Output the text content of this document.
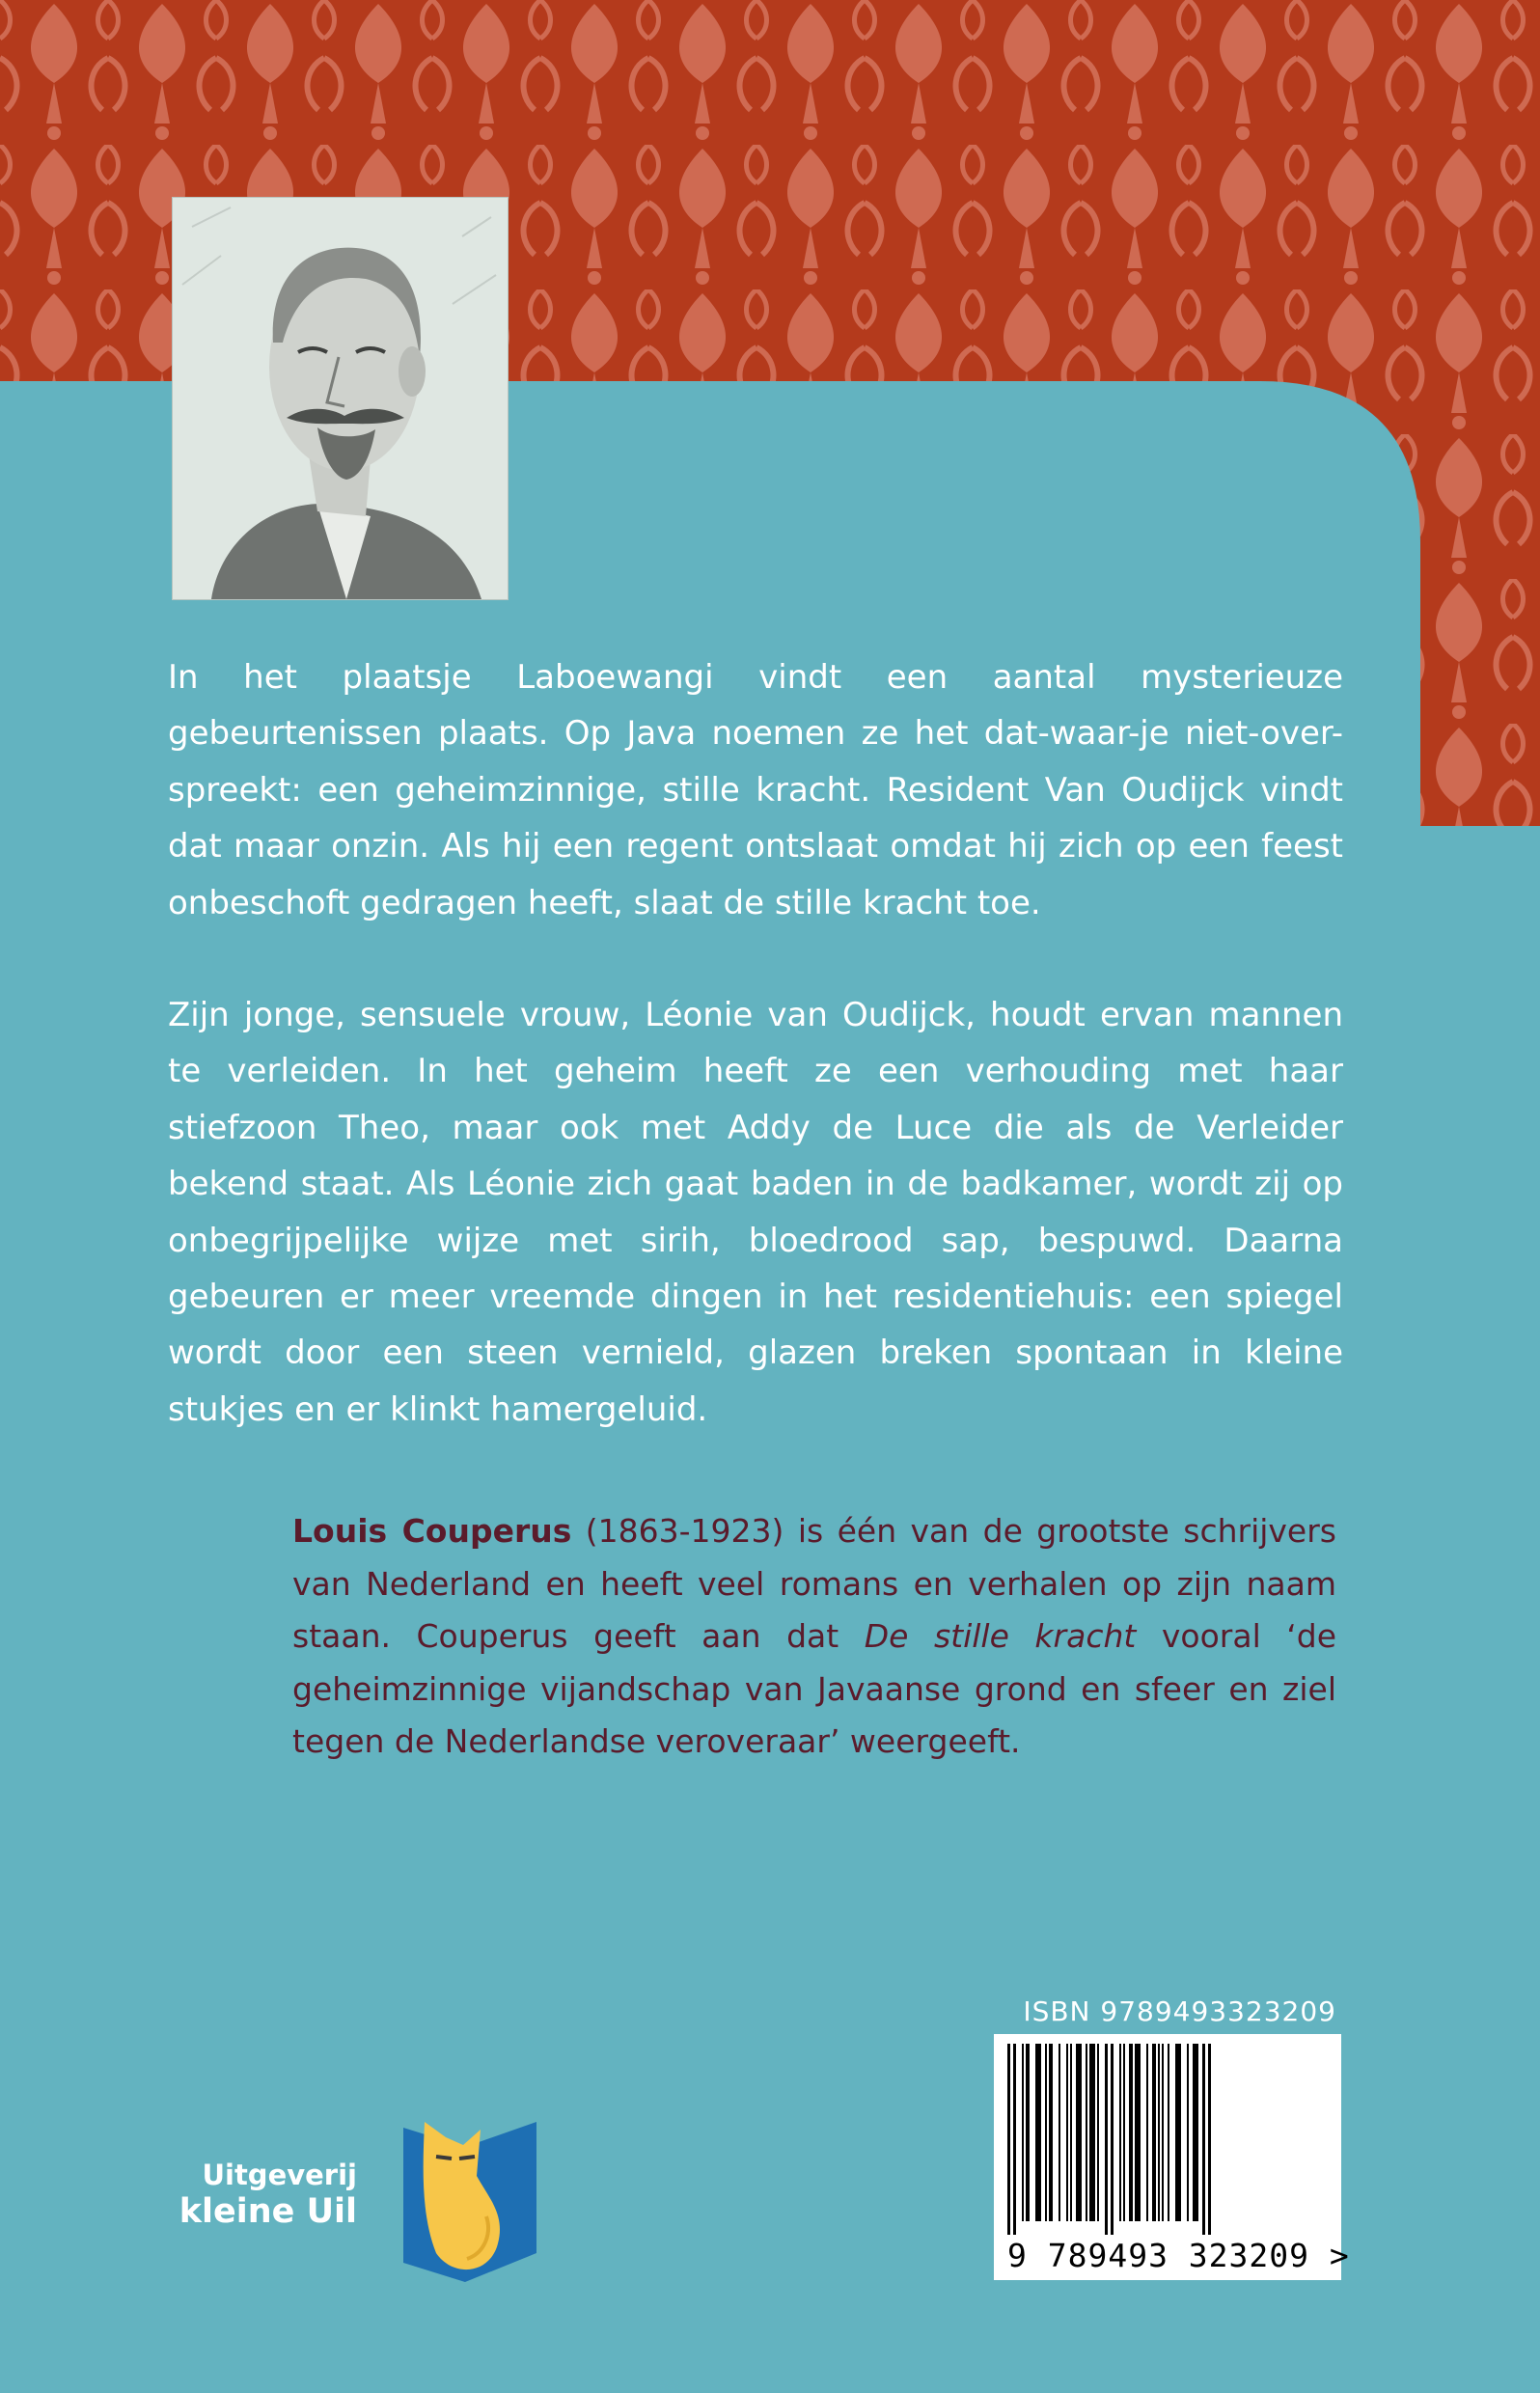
In het plaatsje Laboewangi vindt een aantal mysterieuze gebeurtenissen plaats. Op Java noemen ze het dat-waar-je niet-over-spreekt: een geheimzinnige, stille kracht. Resident Van Oudijck vindt dat maar onzin. Als hij een regent ontslaat omdat hij zich op een feest onbeschoft gedragen heeft, slaat de stille kracht toe.

Zijn jonge, sensuele vrouw, Léonie van Oudijck, houdt ervan mannen te verleiden. In het geheim heeft ze een verhouding met haar stiefzoon Theo, maar ook met Addy de Luce die als de Verleider bekend staat. Als Léonie zich gaat baden in de badkamer, wordt zij op onbegrijpelijke wijze met sirih, bloedrood sap, bespuwd. Daarna gebeuren er meer vreemde dingen in het residentiehuis: een spiegel wordt door een steen vernield, glazen breken spontaan in kleine stukjes en er klinkt hamergeluid.

Louis Couperus (1863-1923) is één van de grootste schrijvers van Nederland en heeft veel romans en verhalen op zijn naam staan. Couperus geeft aan dat De stille kracht vooral ‘de geheimzinnige vijandschap van Javaanse grond en sfeer en ziel tegen de Nederlandse veroveraar’ weergeeft.

ISBN 9789493323209
9 789493 323209 >
Uitgeverij
kleine Uil
